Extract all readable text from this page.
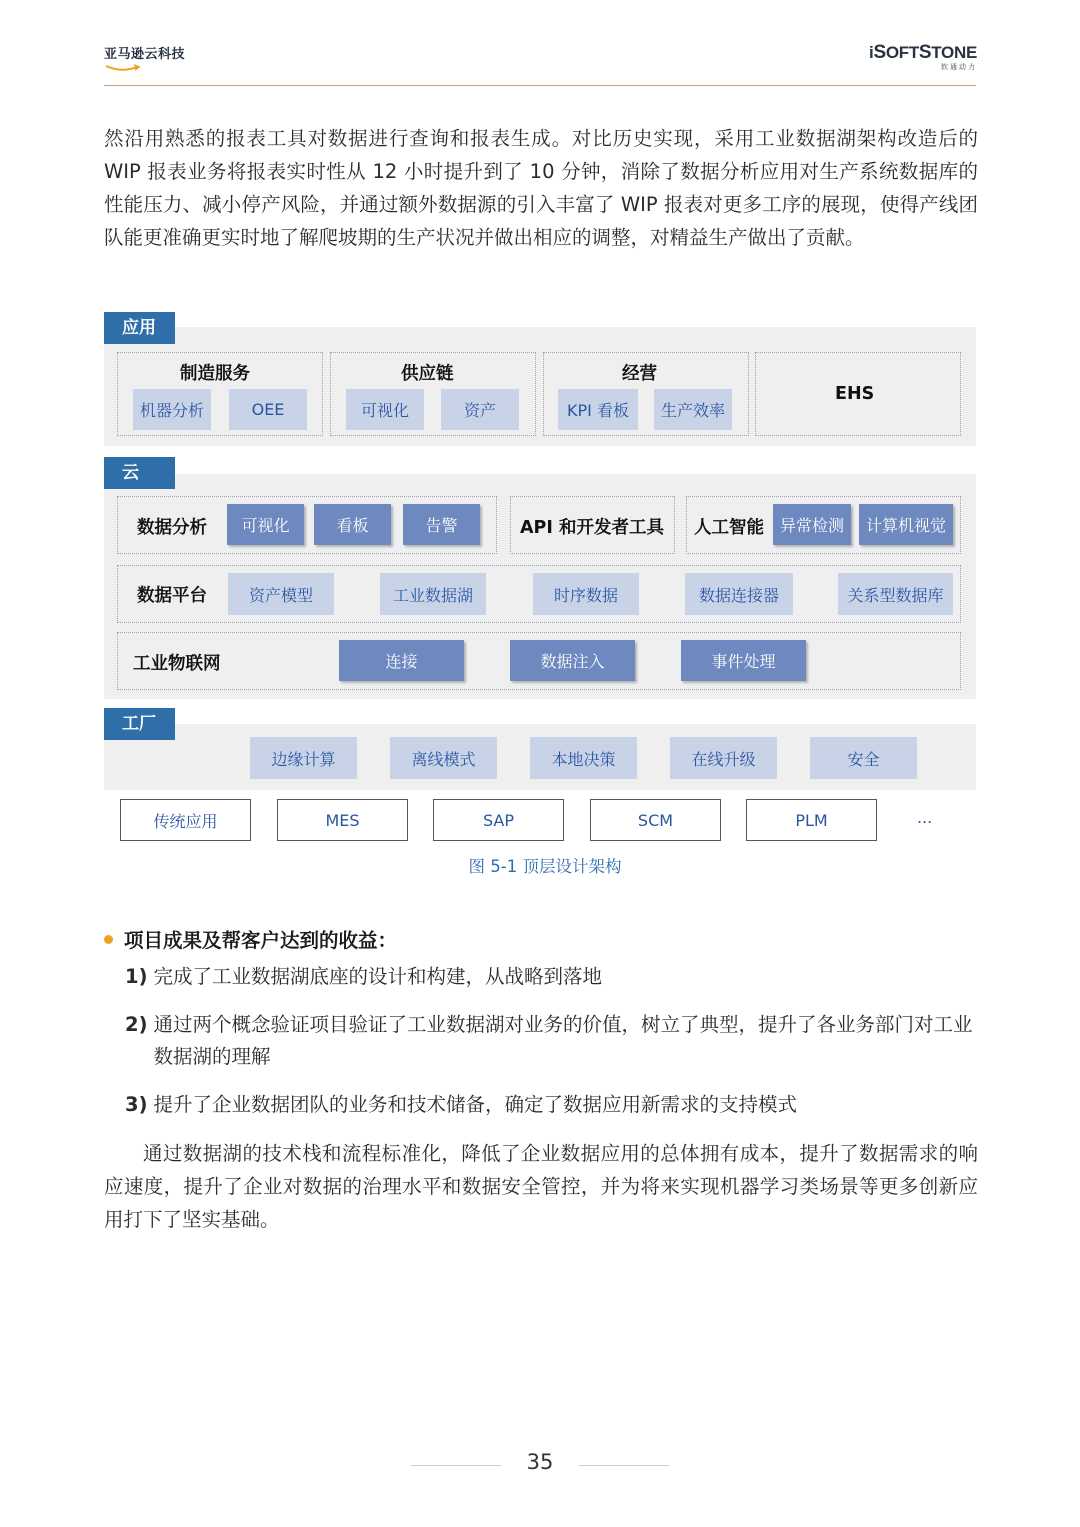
亚马逊云科技	iSOFTSTONE
软通动力
然沿用熟悉的报表工具对数据进行查询和报表生成。对比历史实现，采用工业数据湖架构改造后的 WIP 报表业务将报表实时性从 12 小时提升到了 10 分钟，消除了数据分析应用对生产系统数据库的性能压力、减小停产风险，并通过额外数据源的引入丰富了 WIP 报表对更多工序的展现，使得产线团队能更准确更实时地了解爬坡期的生产状况并做出相应的调整，对精益生产做出了贡献。
应用
制造服务
机器分析	OEE
供应链
可视化	资产
经营
KPI 看板	生产效率
EHS
云
数据分析	可视化	看板	告警	API 和开发者工具 人工智能 异常检测	计算机视觉
数据平台	资产模型	工业数据湖	时序数据	数据连接器	关系型数据库
工业物联网	连接	数据注入	事件处理
工厂
边缘计算	离线模式	本地决策	在线升级	安全
传统应用	MES	SAP	SCM	PLM	...
图 5-1 顶层设计架构
项目成果及帮客户达到的收益：
1) 完成了工业数据湖底座的设计和构建，从战略到落地
2) 通过两个概念验证项目验证了工业数据湖对业务的价值，树立了典型，提升了各业务部门对工业数据湖的理解
3) 提升了企业数据团队的业务和技术储备，确定了数据应用新需求的支持模式
通过数据湖的技术栈和流程标准化，降低了企业数据应用的总体拥有成本，提升了数据需求的响应速度，提升了企业对数据的治理水平和数据安全管控，并为将来实现机器学习类场景等更多创新应用打下了坚实基础。
35
